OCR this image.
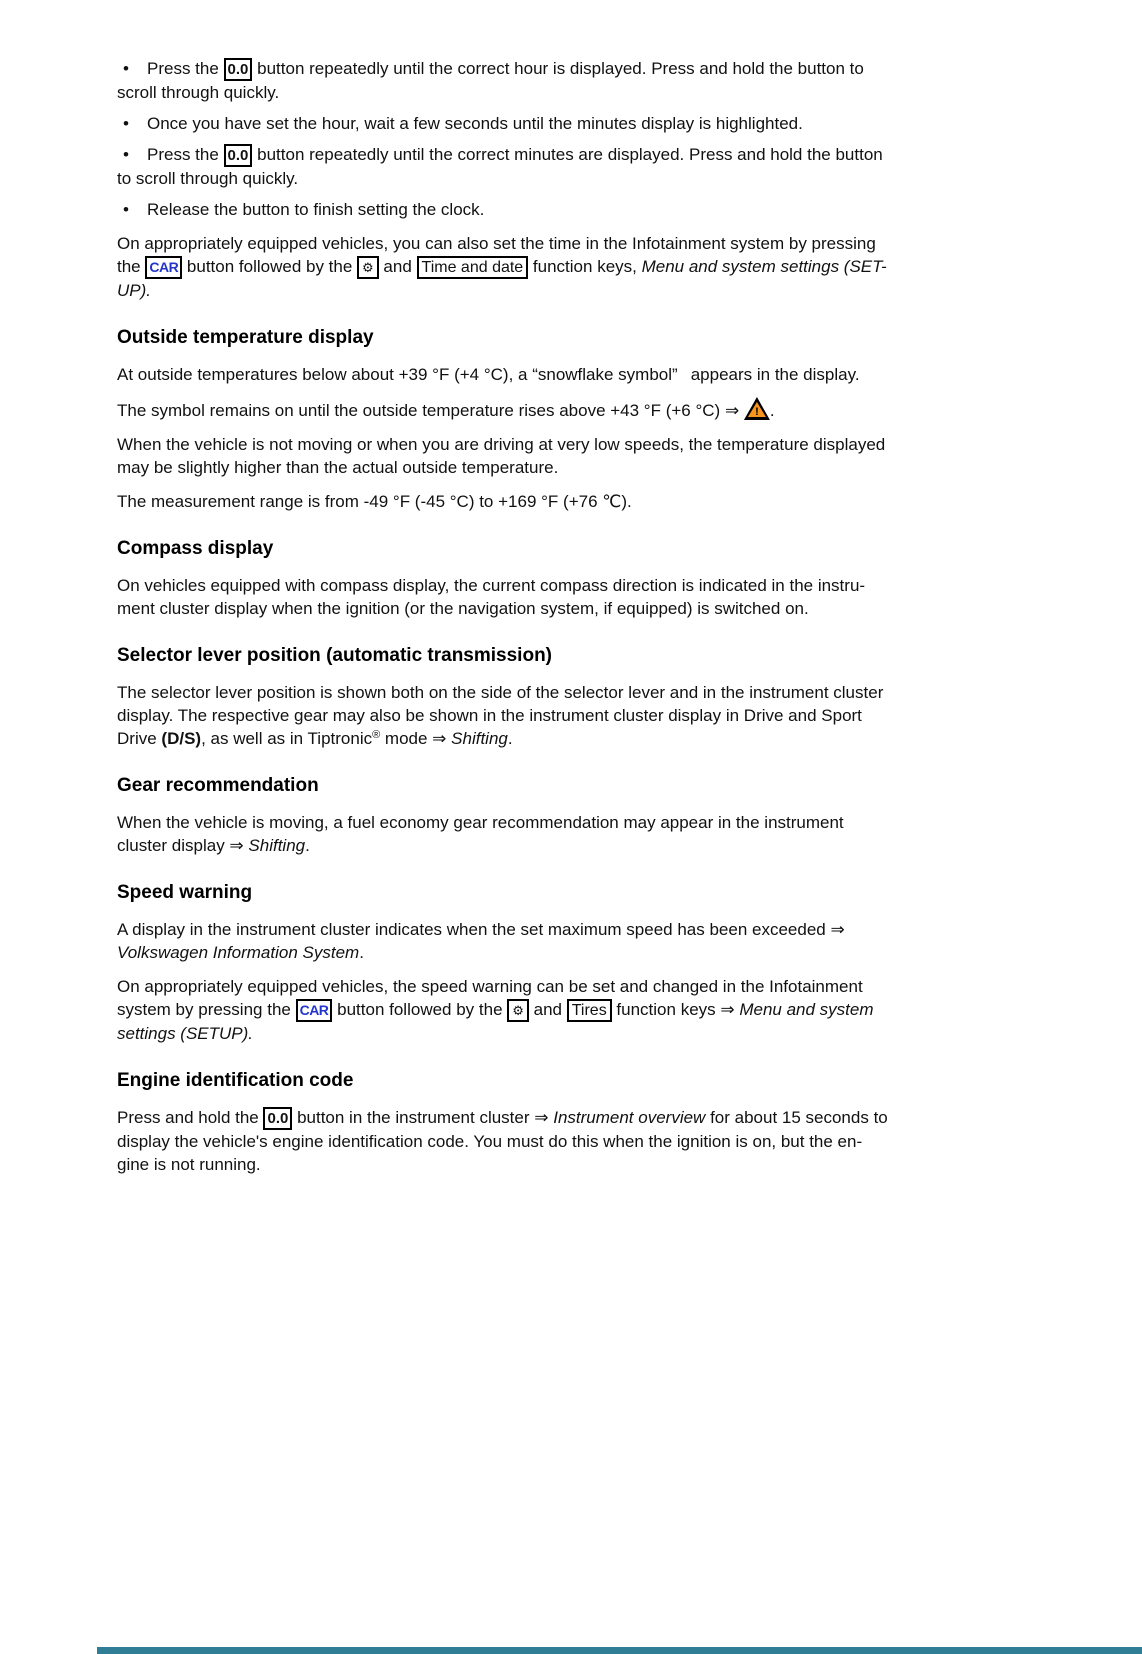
• Press the 0.0 button repeatedly until the correct hour is displayed. Press and hold the button to
scroll through quickly.
• Once you have set the hour, wait a few seconds until the minutes display is highlighted.
• Press the 0.0 button repeatedly until the correct minutes are displayed. Press and hold the button
to scroll through quickly.
• Release the button to finish setting the clock.

On appropriately equipped vehicles, you can also set the time in the Infotainment system by pressing
the CAR button followed by the ⚙ and Time and date function keys, Menu and system settings (SET-
UP).

Outside temperature display

At outside temperatures below about +39 °F (+4 °C), a “snowflake symbol” appears in the display.

The symbol remains on until the outside temperature rises above +43 °F (+6 °C) ⇒	! .

When the vehicle is not moving or when you are driving at very low speeds, the temperature displayed
may be slightly higher than the actual outside temperature.

The measurement range is from -49 °F (-45 °C) to +169 °F (+76 ℃).

Compass display

On vehicles equipped with compass display, the current compass direction is indicated in the instru-
ment cluster display when the ignition (or the navigation system, if equipped) is switched on.

Selector lever position (automatic transmission)

The selector lever position is shown both on the side of the selector lever and in the instrument cluster
display. The respective gear may also be shown in the instrument cluster display in Drive and Sport
Drive (D/S), as well as in Tiptronic® mode ⇒ Shifting.

Gear recommendation

When the vehicle is moving, a fuel economy gear recommendation may appear in the instrument
cluster display ⇒ Shifting.

Speed warning

A display in the instrument cluster indicates when the set maximum speed has been exceeded ⇒
Volkswagen Information System.

On appropriately equipped vehicles, the speed warning can be set and changed in the Infotainment
system by pressing the CAR button followed by the ⚙ and Tires function keys ⇒ Menu and system
settings (SETUP).

Engine identification code

Press and hold the 0.0 button in the instrument cluster ⇒ Instrument overview for about 15 seconds to
display the vehicle's engine identification code. You must do this when the ignition is on, but the en-
gine is not running.
